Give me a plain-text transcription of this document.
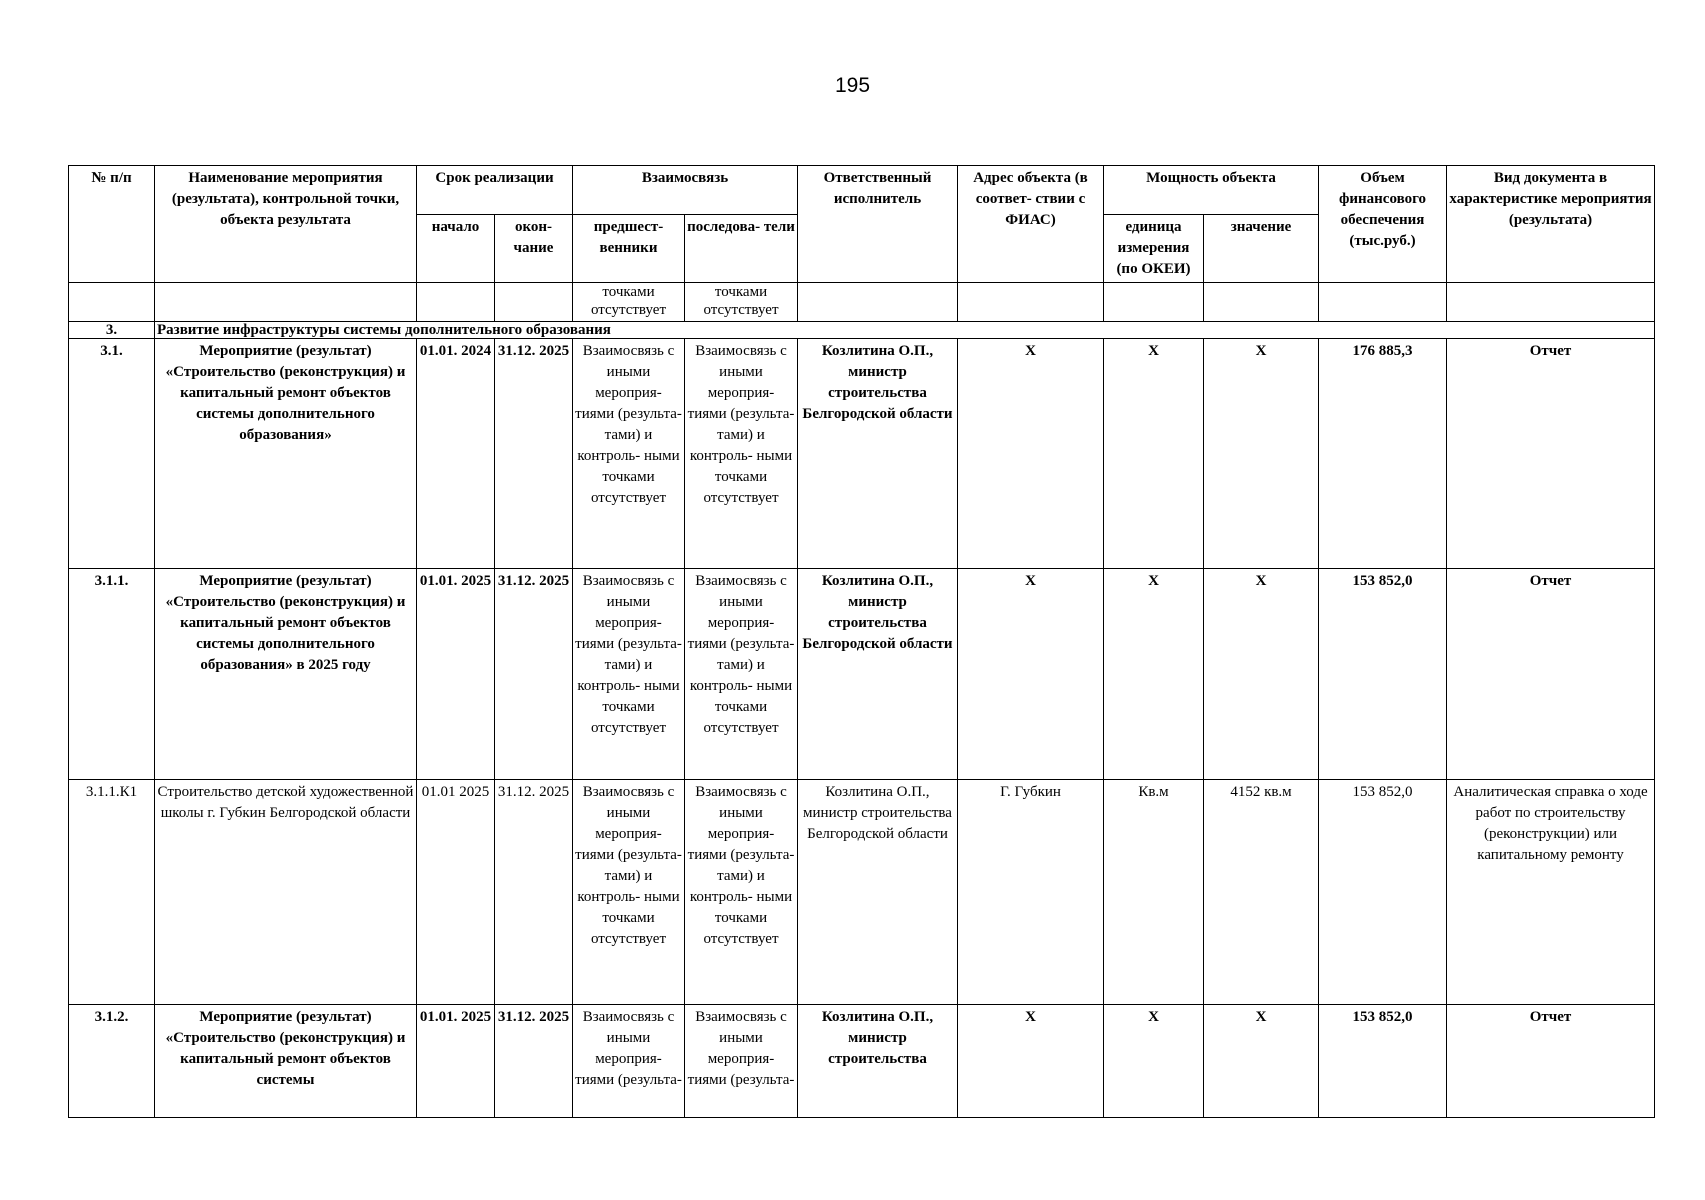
195
№ п/п	Наименование мероприятия (результата), контрольной точки, объекта результата	Срок реализации		Взаимосвязь		Ответственный исполнитель	Адрес объекта (в соответ- ствии с ФИАС)	Мощность объекта		Объем финансового обеспечения (тыс.руб.)	Вид документа в характеристике мероприятия (результата)
		начало	окон- чание	предшест- венники	последова- тели			единица измерения (по ОКЕИ)	значение		
				точками отсутствует	точками отсутствует						
3.	Развитие инфраструктуры системы дополнительного образования										
3.1.	Мероприятие (результат) «Строительство (реконструкция) и капитальный ремонт объектов системы дополнительного образования»	01.01. 2024	31.12. 2025	Взаимосвязь с иными мероприя- тиями (результа- тами) и контроль- ными точками отсутствует	Взаимосвязь с иными мероприя- тиями (результа- тами) и контроль- ными точками отсутствует	Козлитина О.П., министр строительства Белгородской области	X	X	X	176 885,3	Отчет
3.1.1.	Мероприятие (результат) «Строительство (реконструкция) и капитальный ремонт объектов системы дополнительного образования» в 2025 году	01.01. 2025	31.12. 2025	Взаимосвязь с иными мероприя- тиями (результа- тами) и контроль- ными точками отсутствует	Взаимосвязь с иными мероприя- тиями (результа- тами) и контроль- ными точками отсутствует	Козлитина О.П., министр строительства Белгородской области	X	X	X	153 852,0	Отчет
3.1.1.К1	Строительство детской художественной школы г. Губкин Белгородской области	01.01 2025	31.12. 2025	Взаимосвязь с иными мероприя- тиями (результа- тами) и контроль- ными точками отсутствует	Взаимосвязь с иными мероприя- тиями (результа- тами) и контроль- ными точками отсутствует	Козлитина О.П., министр строительства Белгородской области	Г. Губкин	Кв.м	4152 кв.м	153 852,0	Аналитическая справка о ходе работ по строительству (реконструкции) или капитальному ремонту
3.1.2.	Мероприятие (результат) «Строительство (реконструкция) и капитальный ремонт объектов системы	01.01. 2025	31.12. 2025	Взаимосвязь с иными мероприя- тиями (результа-	Взаимосвязь с иными мероприя- тиями (результа-	Козлитина О.П., министр строительства	X	X	X	153 852,0	Отчет
